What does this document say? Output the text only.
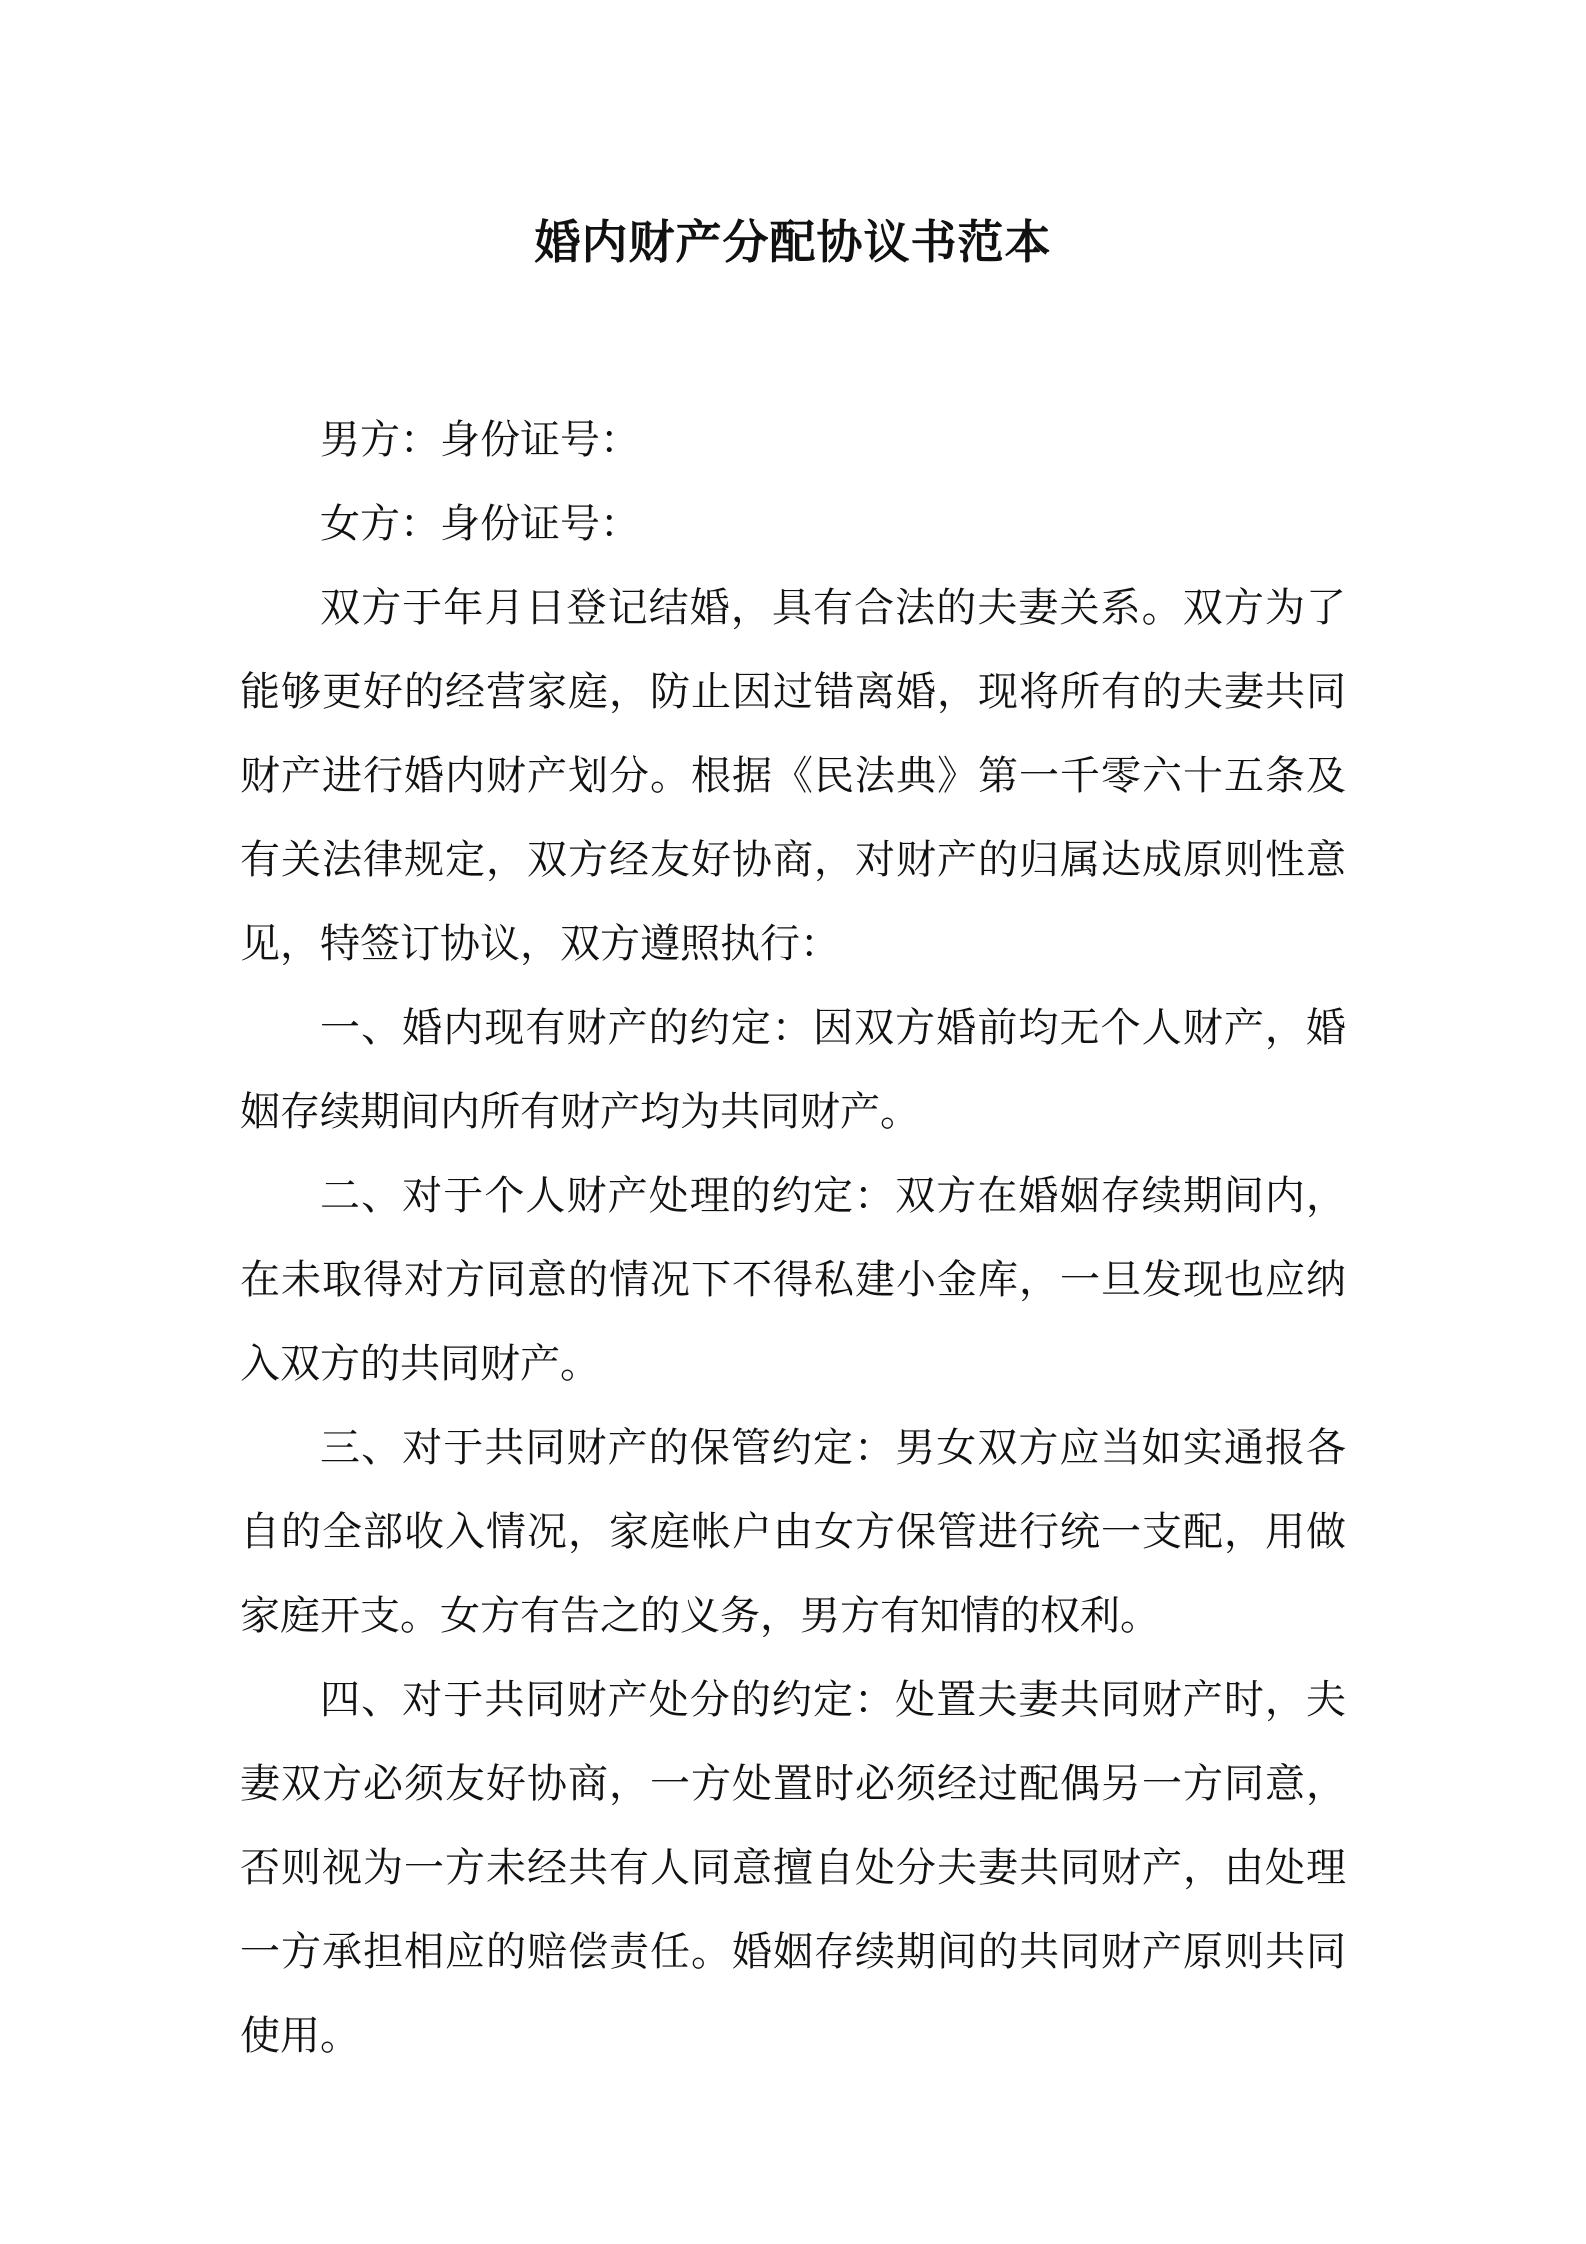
婚内财产分配协议书范本

男方：身份证号：

女方：身份证号：

双方于年月日登记结婚，具有合法的夫妻关系。双方为了能够更好的经营家庭，防止因过错离婚，现将所有的夫妻共同财产进行婚内财产划分。根据《民法典》第一千零六十五条及有关法律规定，双方经友好协商，对财产的归属达成原则性意见，特签订协议，双方遵照执行：

一、婚内现有财产的约定：因双方婚前均无个人财产，婚姻存续期间内所有财产均为共同财产。

二、对于个人财产处理的约定：双方在婚姻存续期间内，在未取得对方同意的情况下不得私建小金库，一旦发现也应纳入双方的共同财产。

三、对于共同财产的保管约定：男女双方应当如实通报各自的全部收入情况，家庭帐户由女方保管进行统一支配，用做家庭开支。女方有告之的义务，男方有知情的权利。

四、对于共同财产处分的约定：处置夫妻共同财产时，夫妻双方必须友好协商，一方处置时必须经过配偶另一方同意，否则视为一方未经共有人同意擅自处分夫妻共同财产，由处理一方承担相应的赔偿责任。婚姻存续期间的共同财产原则共同使用。
